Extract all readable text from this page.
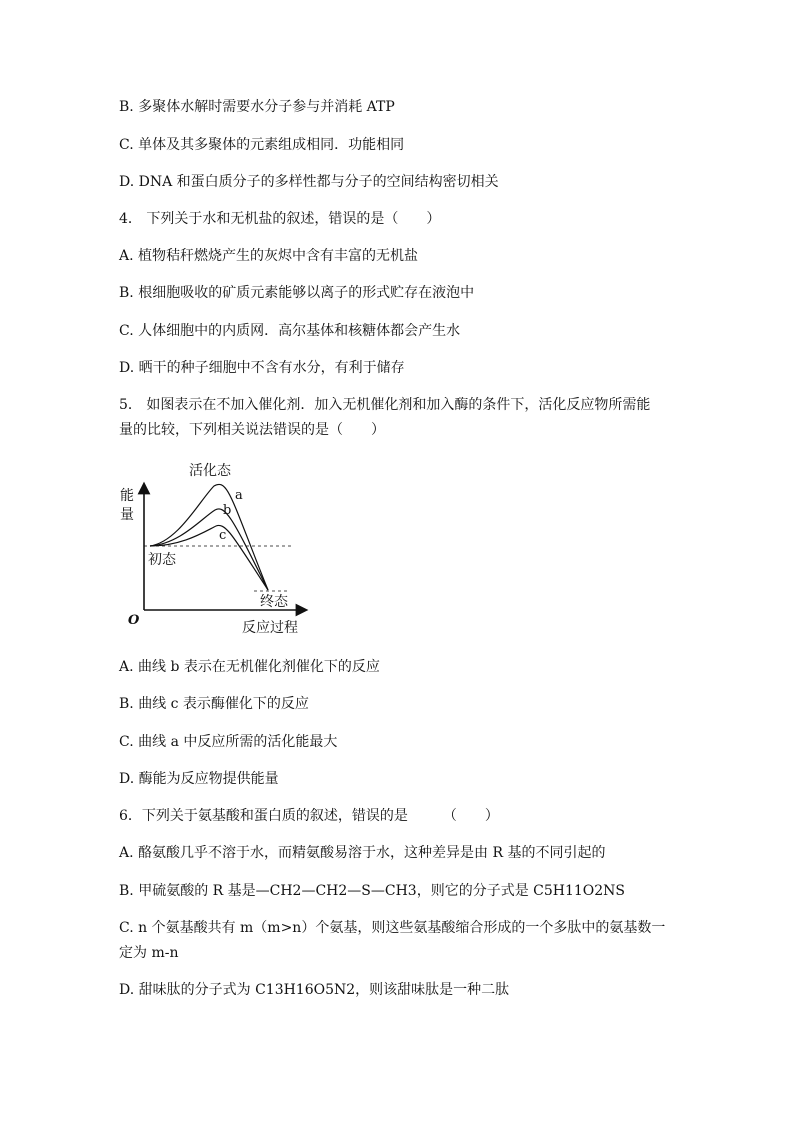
B. 多聚体水解时需要水分子参与并消耗 ATP
C. 单体及其多聚体的元素组成相同．功能相同
D. DNA 和蛋白质分子的多样性都与分子的空间结构密切相关
4． 下列关于水和无机盐的叙述，错误的是（　　）
A. 植物秸秆燃烧产生的灰烬中含有丰富的无机盐
B. 根细胞吸收的矿质元素能够以离子的形式贮存在液泡中
C. 人体细胞中的内质网．高尔基体和核糖体都会产生水
D. 晒干的种子细胞中不含有水分，有利于储存
5． 如图表示在不加入催化剂．加入无机催化剂和加入酶的条件下，活化反应物所需能
量的比较，下列相关说法错误的是（　　）
活化态
能 量
a
b
c
初态
终态
O	反应过程
A. 曲线 b 表示在无机催化剂催化下的反应
B. 曲线 c 表示酶催化下的反应
C. 曲线 a 中反应所需的活化能最大
D. 酶能为反应物提供能量
6．下列关于氨基酸和蛋白质的叙述，错误的是　　　（　　）
A. 酪氨酸几乎不溶于水，而精氨酸易溶于水，这种差异是由 R 基的不同引起的
B. 甲硫氨酸的 R 基是—CH2—CH2—S—CH3，则它的分子式是 C5H11O2NS
C. n 个氨基酸共有 m（m>n）个氨基，则这些氨基酸缩合形成的一个多肽中的氨基数一
定为 m-n
D. 甜味肽的分子式为 C13H16O5N2，则该甜味肽是一种二肽
